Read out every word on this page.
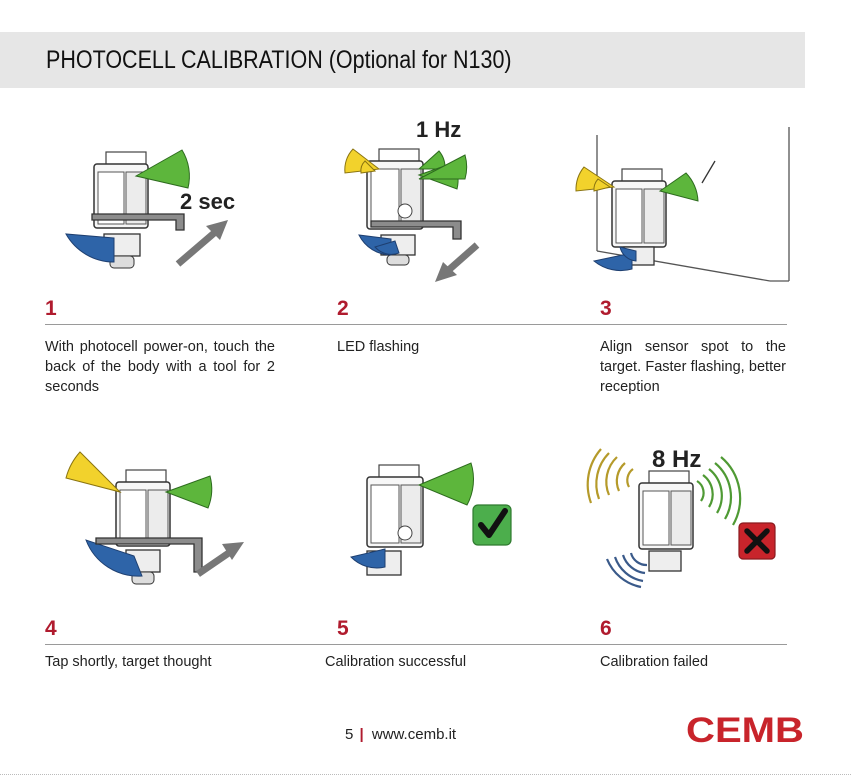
PHOTOCELL CALIBRATION (Optional for N130)
2 sec
1 Hz
8 Hz
1	2	3
With photocell power-on, touch the back of the body with a tool for 2 seconds
LED flashing	Align sensor spot to the target. Faster flashing, better reception
4	5	6
Tap shortly, target thought	Calibration successful	Calibration failed
5 | www.cemb.it	CEMB
